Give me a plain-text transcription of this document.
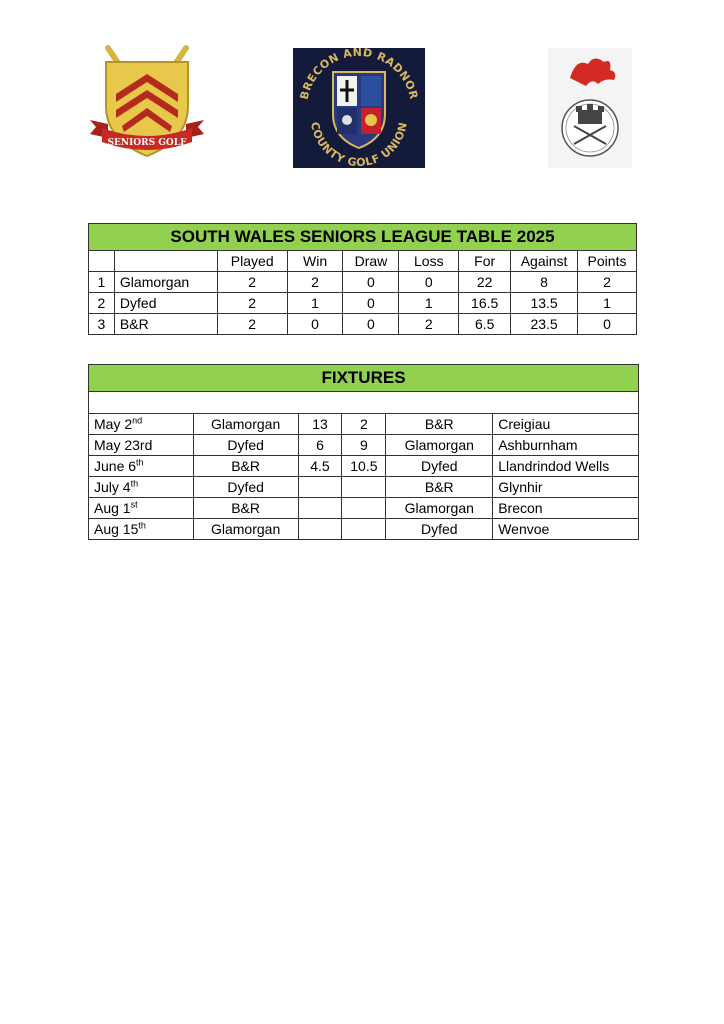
SENIORS GOLF
BRECON AND RADNOR
COUNTY GOLF UNION
SOUTH WALES SENIORS LEAGUE TABLE 2025								
		Played	Win	Draw	Loss	For	Against	Points
1	Glamorgan	2	2	0	0	22	8	2
2	Dyfed	2	1	0	1	16.5	13.5	1
3	B&R	2	0	0	2	6.5	23.5	0
FIXTURES					

May 2nd	Glamorgan	13	2	B&R	Creigiau
May 23rd	Dyfed	6	9	Glamorgan	Ashburnham
June 6th	B&R	4.5	10.5	Dyfed	Llandrindod Wells
July 4th	Dyfed			B&R	Glynhir
Aug 1st	B&R			Glamorgan	Brecon
Aug 15th	Glamorgan			Dyfed	Wenvoe
